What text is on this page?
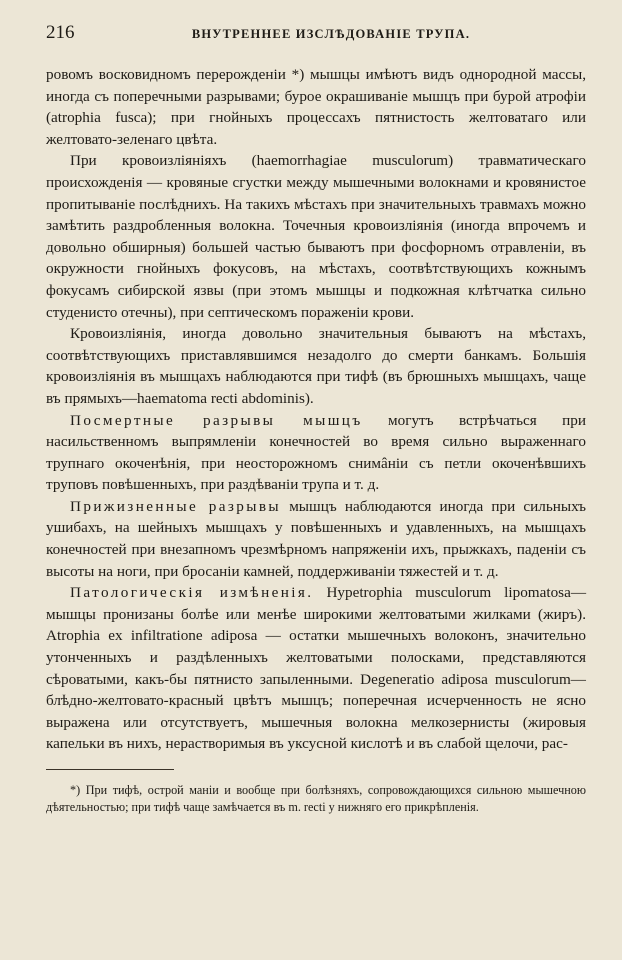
216	ВНУТРЕННЕЕ ИЗСЛѢДОВАНІЕ ТРУПА.

ровомъ восковидномъ перерожденіи *) мышцы имѣютъ видъ однородной массы, иногда съ поперечными разрывами; бурое окрашиваніе мышцъ при бурой атрофіи (atrophia fusca); при гнойныхъ процессахъ пятнистость желтоватаго или желтовато-зеленаго цвѣта.

При кровоизліяніяхъ (haemorrhagiae musculorum) травматическаго происхожденія — кровяные сгустки между мышечными волокнами и кровянистое пропитываніе послѣднихъ. На такихъ мѣстахъ при значительныхъ травмахъ можно замѣтить раздробленныя волокна. Точечныя кровоизліянія (иногда впрочемъ и довольно обширныя) большей частью бываютъ при фосфорномъ отравленіи, въ окружности гнойныхъ фокусовъ, на мѣстахъ, соотвѣтствующихъ кожнымъ фокусамъ сибирской язвы (при этомъ мышцы и подкожная клѣтчатка сильно студенисто отечны), при септическомъ пораженіи крови.

Кровоизліянія, иногда довольно значительныя бываютъ на мѣстахъ, соотвѣтствующихъ приставлявшимся незадолго до смерти банкамъ. Большія кровоизліянія въ мышцахъ наблюдаются при тифѣ (въ брюшныхъ мышцахъ, чаще въ прямыхъ—haematoma recti abdominis).

Посмертные разрывы мышцъ могутъ встрѣчаться при насильственномъ выпрямленіи конечностей во время сильно выраженнаго трупнаго окоченѣнія, при неосторожномъ снимâніи съ петли окоченѣвшихъ труповъ повѣшенныхъ, при раздѣваніи трупа и т. д.

Прижизненные разрывы мышцъ наблюдаются иногда при сильныхъ ушибахъ, на шейныхъ мышцахъ у повѣшенныхъ и удавленныхъ, на мышцахъ конечностей при внезапномъ чрезмѣрномъ напряженіи ихъ, прыжкахъ, паденіи съ высоты на ноги, при бросаніи камней, поддерживаніи тяжестей и т. д.

Патологическія измѣненія. Hypetrophia musculorum lipomatosa—мышцы пронизаны болѣе или менѣе широкими желтоватыми жилками (жиръ). Atrophia ex infiltratione adiposa — остатки мышечныхъ волоконъ, значительно утонченныхъ и раздѣленныхъ желтоватыми полосками, представляются сѣроватыми, какъ-бы пятнисто запыленными. Degeneratio adiposa musculorum—блѣдно-желтовато-красный цвѣтъ мышцъ; поперечная исчерченность не ясно выражена или отсутствуетъ, мышечныя волокна мелкозернисты (жировыя капельки въ нихъ, нерастворимыя въ уксусной кислотѣ и въ слабой щелочи, рас-

*) При тифѣ, острой маніи и вообще при болѣзняхъ, сопровождающихся сильною мышечною дѣятельностью; при тифѣ чаще замѣчается въ m. recti у нижняго его прикрѣпленія.
